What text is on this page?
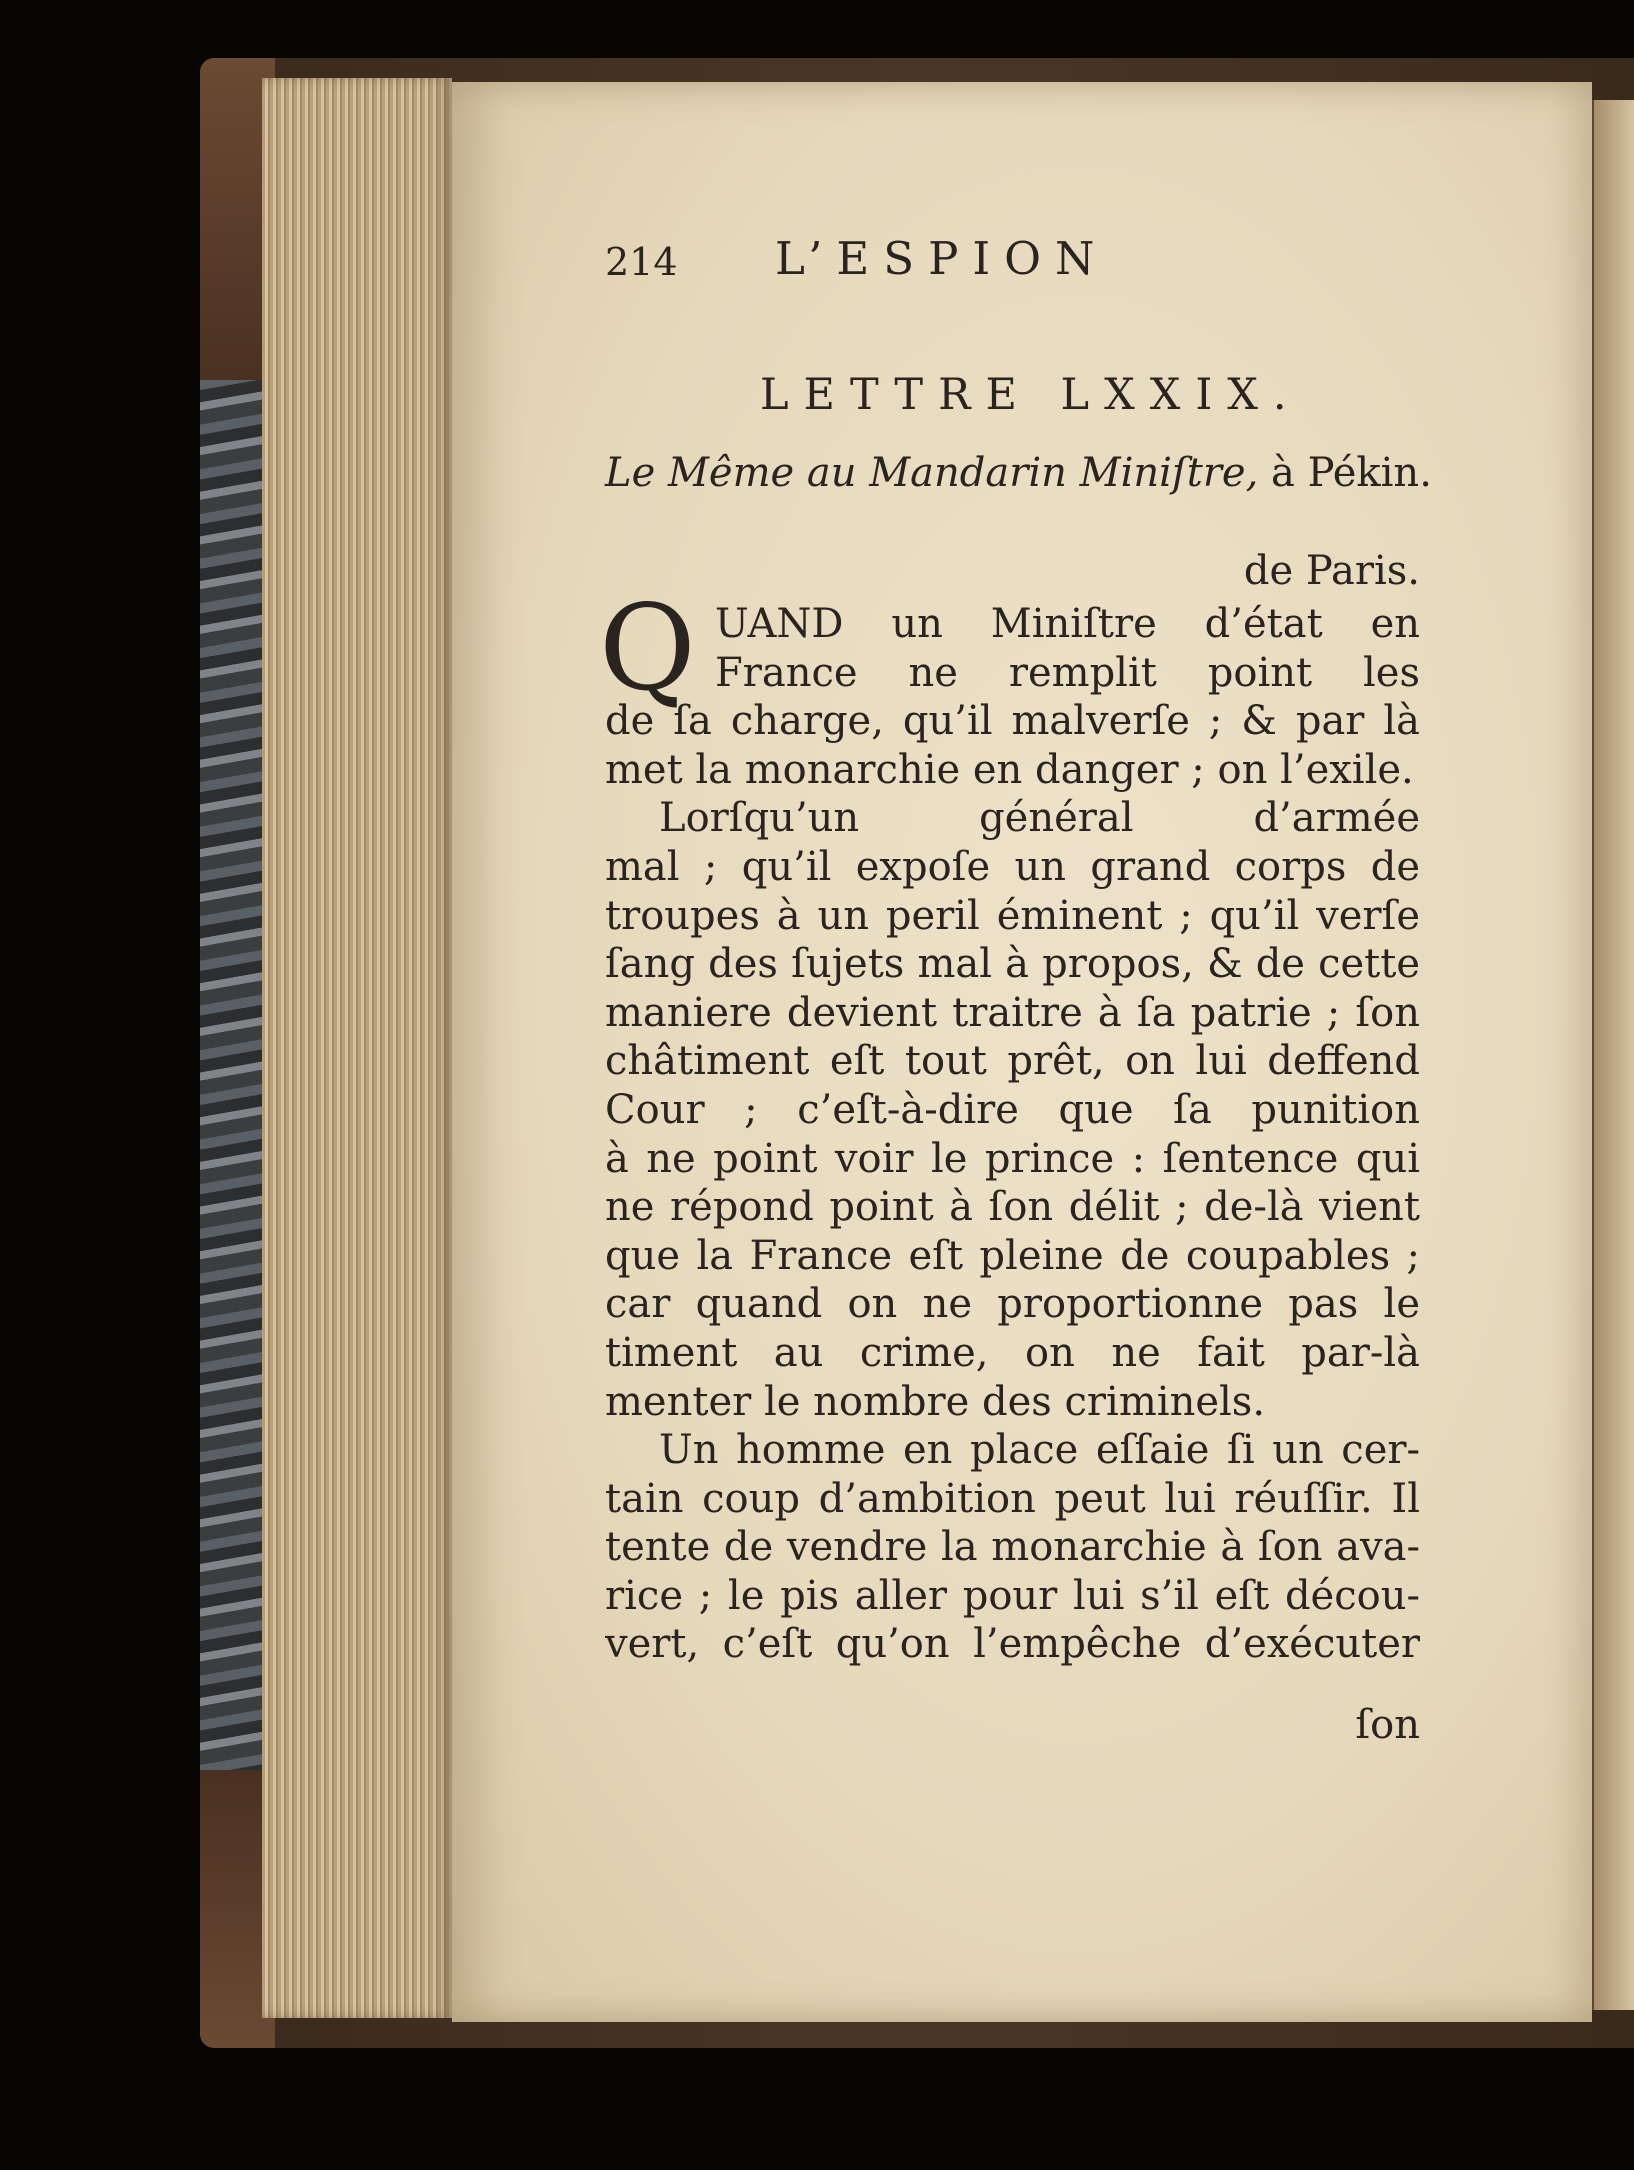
214 L’ESPION
LETTRE LXXIX.
Le Même au Mandarin Miniſtre, à Pékin.
de Paris.
Q UAND un Miniſtre d’état en
France ne remplit point les
de ſa charge, qu’il malverſe ; & par là
met la monarchie en danger ; on l’exile.
Lorſqu’un général d’armée
mal ; qu’il expoſe un grand corps de
troupes à un peril éminent ; qu’il verſe
ſang des ſujets mal à propos, & de cette
maniere devient traitre à ſa patrie ; ſon
châtiment eſt tout prêt, on lui deffend
Cour ; c’eſt-à-dire que ſa punition
à ne point voir le prince : ſentence qui
ne répond point à ſon délit ; de-là vient
que la France eſt pleine de coupables ;
car quand on ne proportionne pas le
timent au crime, on ne fait par-là
menter le nombre des criminels.
Un homme en place eſſaie ſi un cer-
tain coup d’ambition peut lui réuſſir. Il
tente de vendre la monarchie à ſon ava-
rice ; le pis aller pour lui s’il eſt décou-
vert, c’eſt qu’on l’empêche d’exécuter
ſon
